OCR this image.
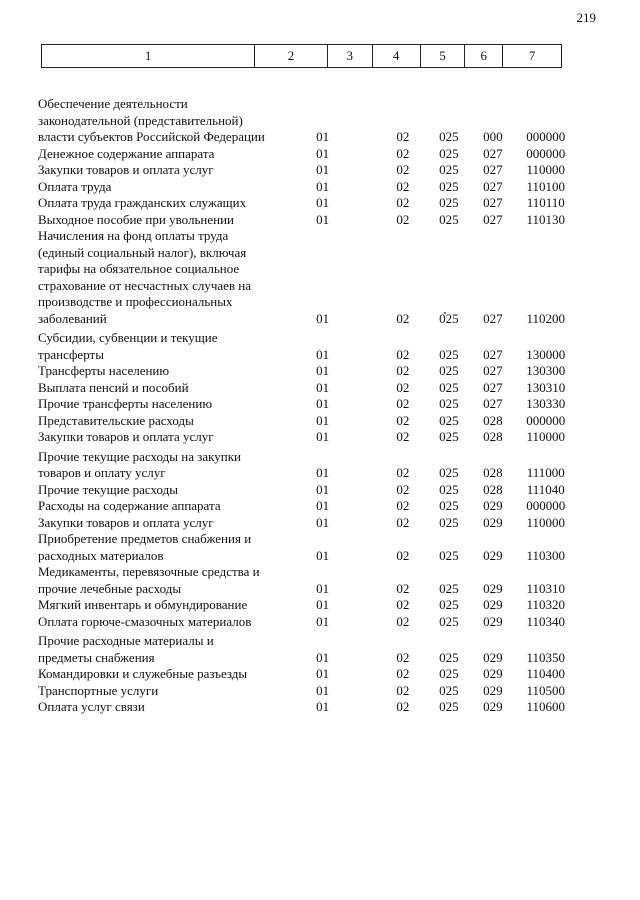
219
1	2	3	4	5	6	7
Обеспечение деятельности законодательной (представительной) власти субъектов Российской Федерации	01	02	025	000	000000
Денежное содержание аппарата	01	02	025	027	000000
Закупки товаров и оплата услуг	01	02	025	027	110000
Оплата труда	01	02	025	027	110100
Оплата труда гражданских служащих	01	02	025	027	110110
Выходное пособие при увольнении	01	02	025	027	110130
Начисления на фонд оплаты труда (единый социальный налог), включая тарифы на обязательное социальное страхование от несчастных случаев на производстве и профессиональных заболеваний	01	02	025	027	110200
Субсидии, субвенции и текущие трансферты	01	02	025	027	130000
Трансферты населению	01	02	025	027	130300
Выплата пенсий и пособий	01	02	025	027	130310
Прочие трансферты населению	01	02	025	027	130330
Представительские расходы	01	02	025	028	000000
Закупки товаров и оплата услуг	01	02	025	028	110000
Прочие текущие расходы на закупки товаров и оплату услуг	01	02	025	028	111000
Прочие текущие расходы	01	02	025	028	111040
Расходы на содержание аппарата	01	02	025	029	000000
Закупки товаров и оплата услуг	01	02	025	029	110000
Приобретение предметов снабжения и расходных материалов	01	02	025	029	110300
Медикаменты, перевязочные средства и прочие лечебные расходы	01	02	025	029	110310
Мягкий инвентарь и обмундирование	01	02	025	029	110320
Оплата горюче-смазочных материалов	01	02	025	029	110340
Прочие расходные материалы и предметы снабжения	01	02	025	029	110350
Командировки и служебные разъезды	01	02	025	029	110400
Транспортные услуги	01	02	025	029	110500
Оплата услуг связи	01	02	025	029	110600
